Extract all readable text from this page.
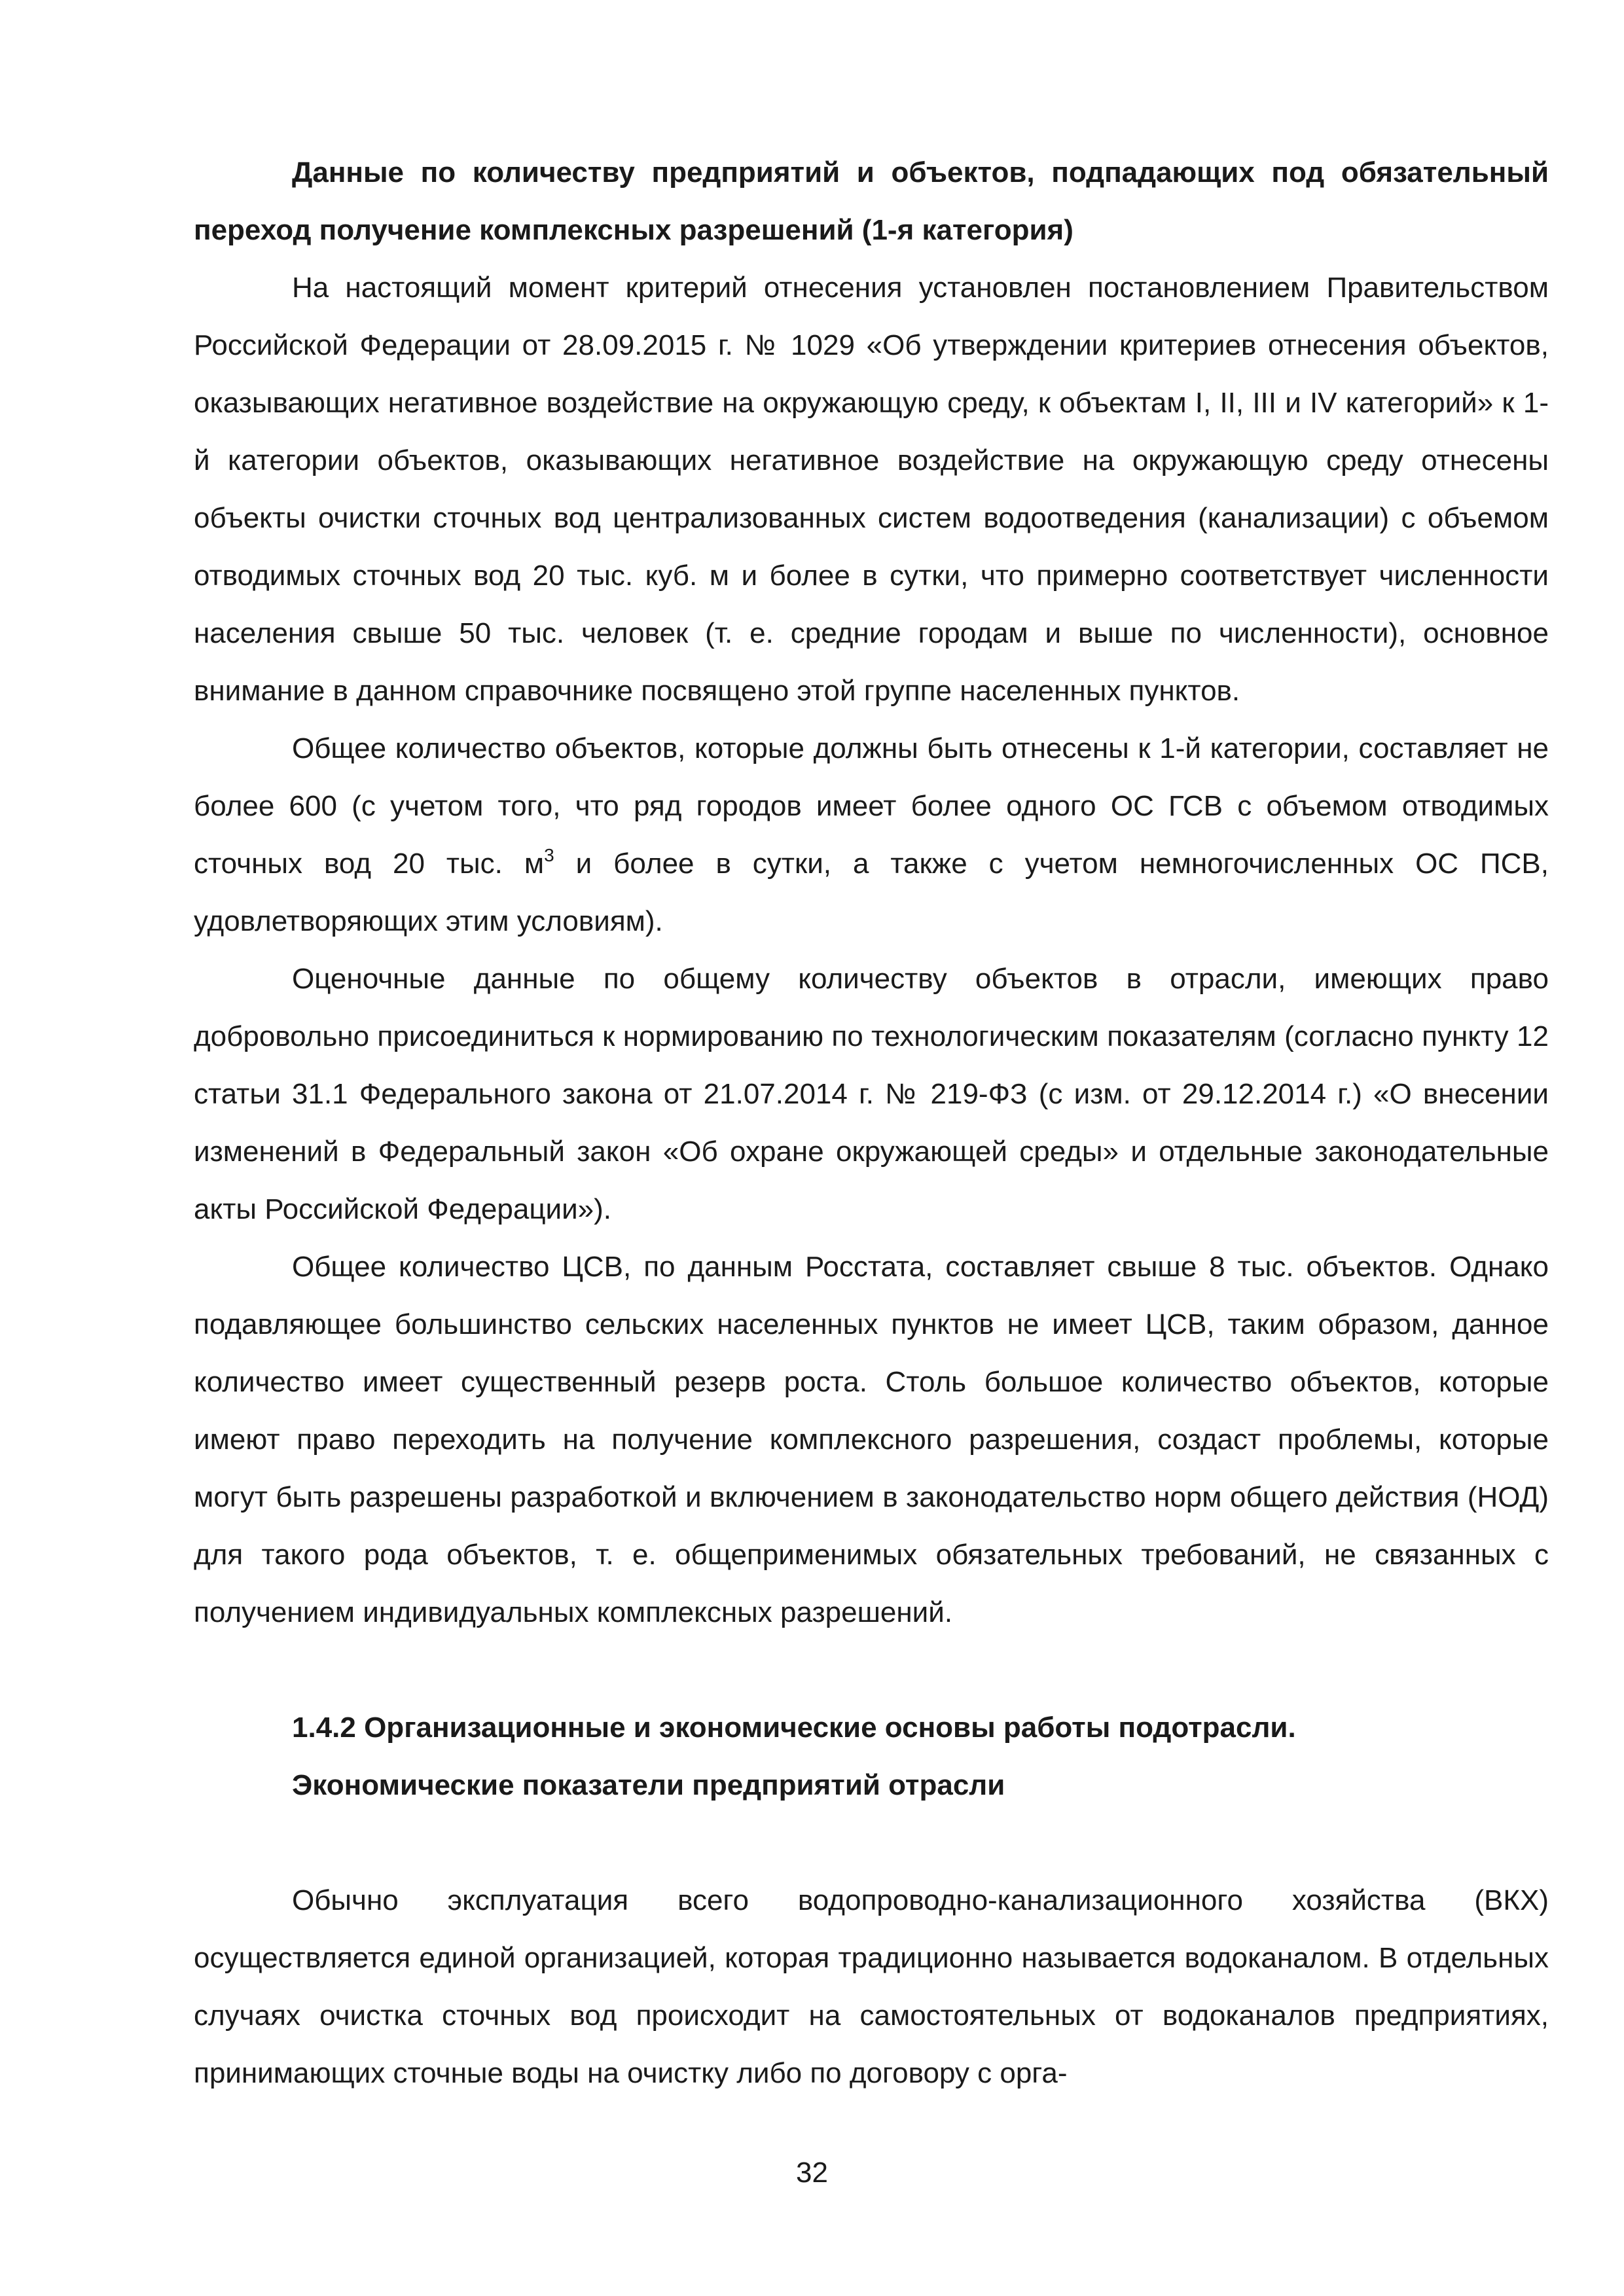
Данные по количеству предприятий и объектов, подпадающих под обязательный переход получение комплексных разрешений (1-я категория)

На настоящий момент критерий отнесения установлен постановлением Правительством Российской Федерации от 28.09.2015 г. № 1029 «Об утверждении критериев отнесения объектов, оказывающих негативное воздействие на окружающую среду, к объектам I, II, III и IV категорий» к 1-й категории объектов, оказывающих негативное воздействие на окружающую среду отнесены объекты очистки сточных вод централизованных систем водоотведения (канализации) с объемом отводимых сточных вод 20 тыс. куб. м и более в сутки, что примерно соответствует численности населения свыше 50 тыс. человек (т. е. средние городам и выше по численности), основное внимание в данном справочнике посвящено этой группе населенных пунктов.

Общее количество объектов, которые должны быть отнесены к 1-й категории, составляет не более 600 (с учетом того, что ряд городов имеет более одного ОС ГСВ с объемом отводимых сточных вод 20 тыс. $м^3$ и более в сутки, а также с учетом немногочисленных ОС ПСВ, удовлетворяющих этим условиям).

Оценочные данные по общему количеству объектов в отрасли, имеющих право добровольно присоединиться к нормированию по технологическим показателям (согласно пункту 12 статьи 31.1 Федерального закона от 21.07.2014 г. № 219-ФЗ (с изм. от 29.12.2014 г.) «О внесении изменений в Федеральный закон «Об охране окружающей среды» и отдельные законодательные акты Российской Федерации»).

Общее количество ЦСВ, по данным Росстата, составляет свыше 8 тыс. объектов. Однако подавляющее большинство сельских населенных пунктов не имеет ЦСВ, таким образом, данное количество имеет существенный резерв роста. Столь большое количество объектов, которые имеют право переходить на получение комплексного разрешения, создаст проблемы, которые могут быть разрешены разработкой и включением в законодательство норм общего действия (НОД) для такого рода объектов, т. е. общеприменимых обязательных требований, не связанных с получением индивидуальных комплексных разрешений.

1.4.2 Организационные и экономические основы работы подотрасли.

Экономические показатели предприятий отрасли

Обычно эксплуатация всего водопроводно-канализационного хозяйства (ВКХ) осуществляется единой организацией, которая традиционно называется водоканалом. В отдельных случаях очистка сточных вод происходит на самостоятельных от водоканалов предприятиях, принимающих сточные воды на очистку либо по договору с орга-

32
